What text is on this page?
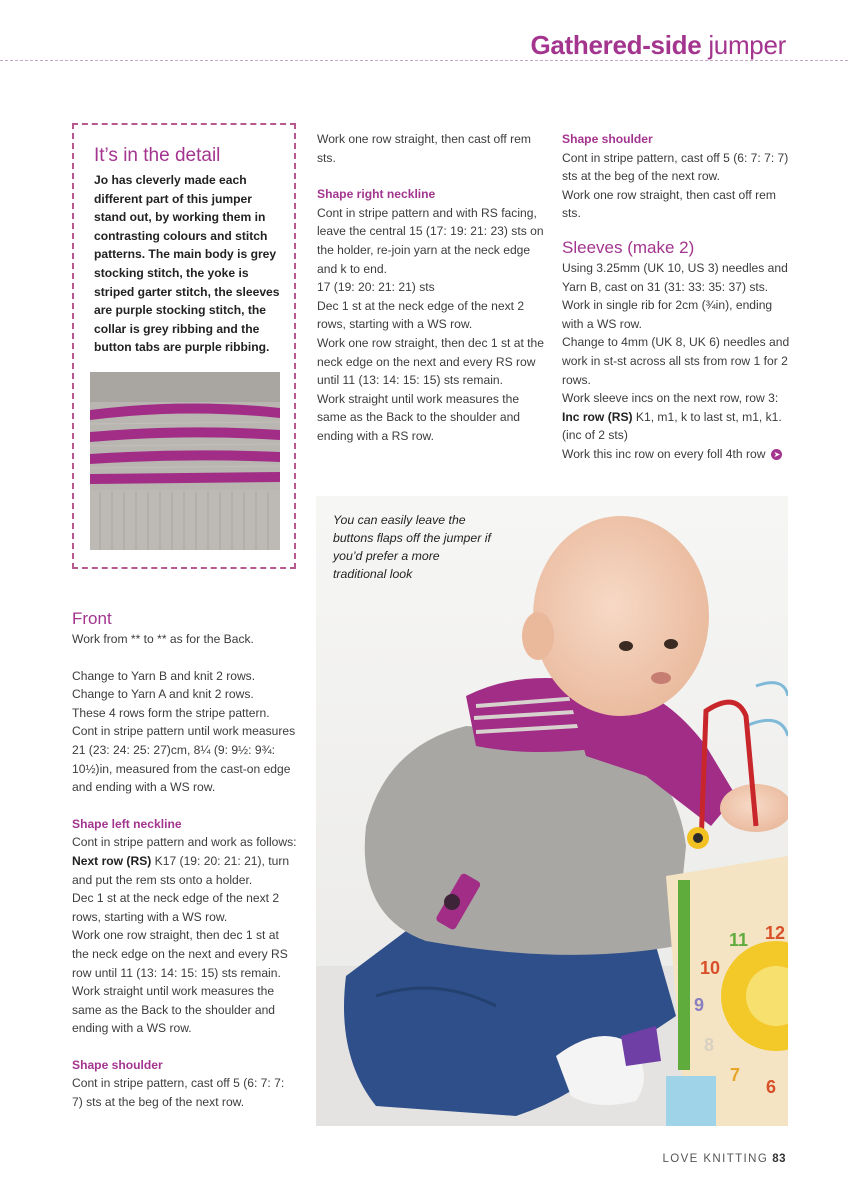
Gathered-side jumper
It’s in the detail
Jo has cleverly made each different part of this jumper stand out, by working them in contrasting colours and stitch patterns. The main body is grey stocking stitch, the yoke is striped garter stitch, the sleeves are purple stocking stitch, the collar is grey ribbing and the button tabs are purple ribbing.

Front

Work from ** to ** as for the Back.

Change to Yarn B and knit 2 rows.

Change to Yarn A and knit 2 rows.

These 4 rows form the stripe pattern.

Cont in stripe pattern until work measures 21 (23: 24: 25: 27)cm, 8¼ (9: 9½: 9¾: 10½)in, measured from the cast-on edge and ending with a WS row.

Shape left neckline

Cont in stripe pattern and work as follows:

Next row (RS) K17 (19: 20: 21: 21), turn and put the rem sts onto a holder.

Dec 1 st at the neck edge of the next 2 rows, starting with a WS row.

Work one row straight, then dec 1 st at the neck edge on the next and every RS row until 11 (13: 14: 15: 15) sts remain.

Work straight until work measures the same as the Back to the shoulder and ending with a WS row.

Shape shoulder

Cont in stripe pattern, cast off 5 (6: 7: 7: 7) sts at the beg of the next row.

Work one row straight, then cast off rem sts.

Shape right neckline

Cont in stripe pattern and with RS facing, leave the central 15 (17: 19: 21: 23) sts on the holder, re-join yarn at the neck edge and k to end.

17 (19: 20: 21: 21) sts

Dec 1 st at the neck edge of the next 2 rows, starting with a WS row.

Work one row straight, then dec 1 st at the neck edge on the next and every RS row until 11 (13: 14: 15: 15) sts remain.

Work straight until work measures the same as the Back to the shoulder and ending with a RS row.

Shape shoulder

Cont in stripe pattern, cast off 5 (6: 7: 7: 7) sts at the beg of the next row.

Work one row straight, then cast off rem sts.

Sleeves (make 2)

Using 3.25mm (UK 10, US 3) needles and Yarn B, cast on 31 (31: 33: 35: 37) sts.

Work in single rib for 2cm (¾in), ending with a WS row.

Change to 4mm (UK 8, UK 6) needles and work in st-st across all sts from row 1 for 2 rows.

Work sleeve incs on the next row, row 3:

Inc row (RS) K1, m1, k to last st, m1, k1.

(inc of 2 sts)

Work this inc row on every foll 4th row ➤

11 12
10
9
8
7
6
You can easily leave the buttons flaps off the jumper if you’d prefer a more traditional look
LOVE KNITTING 83
